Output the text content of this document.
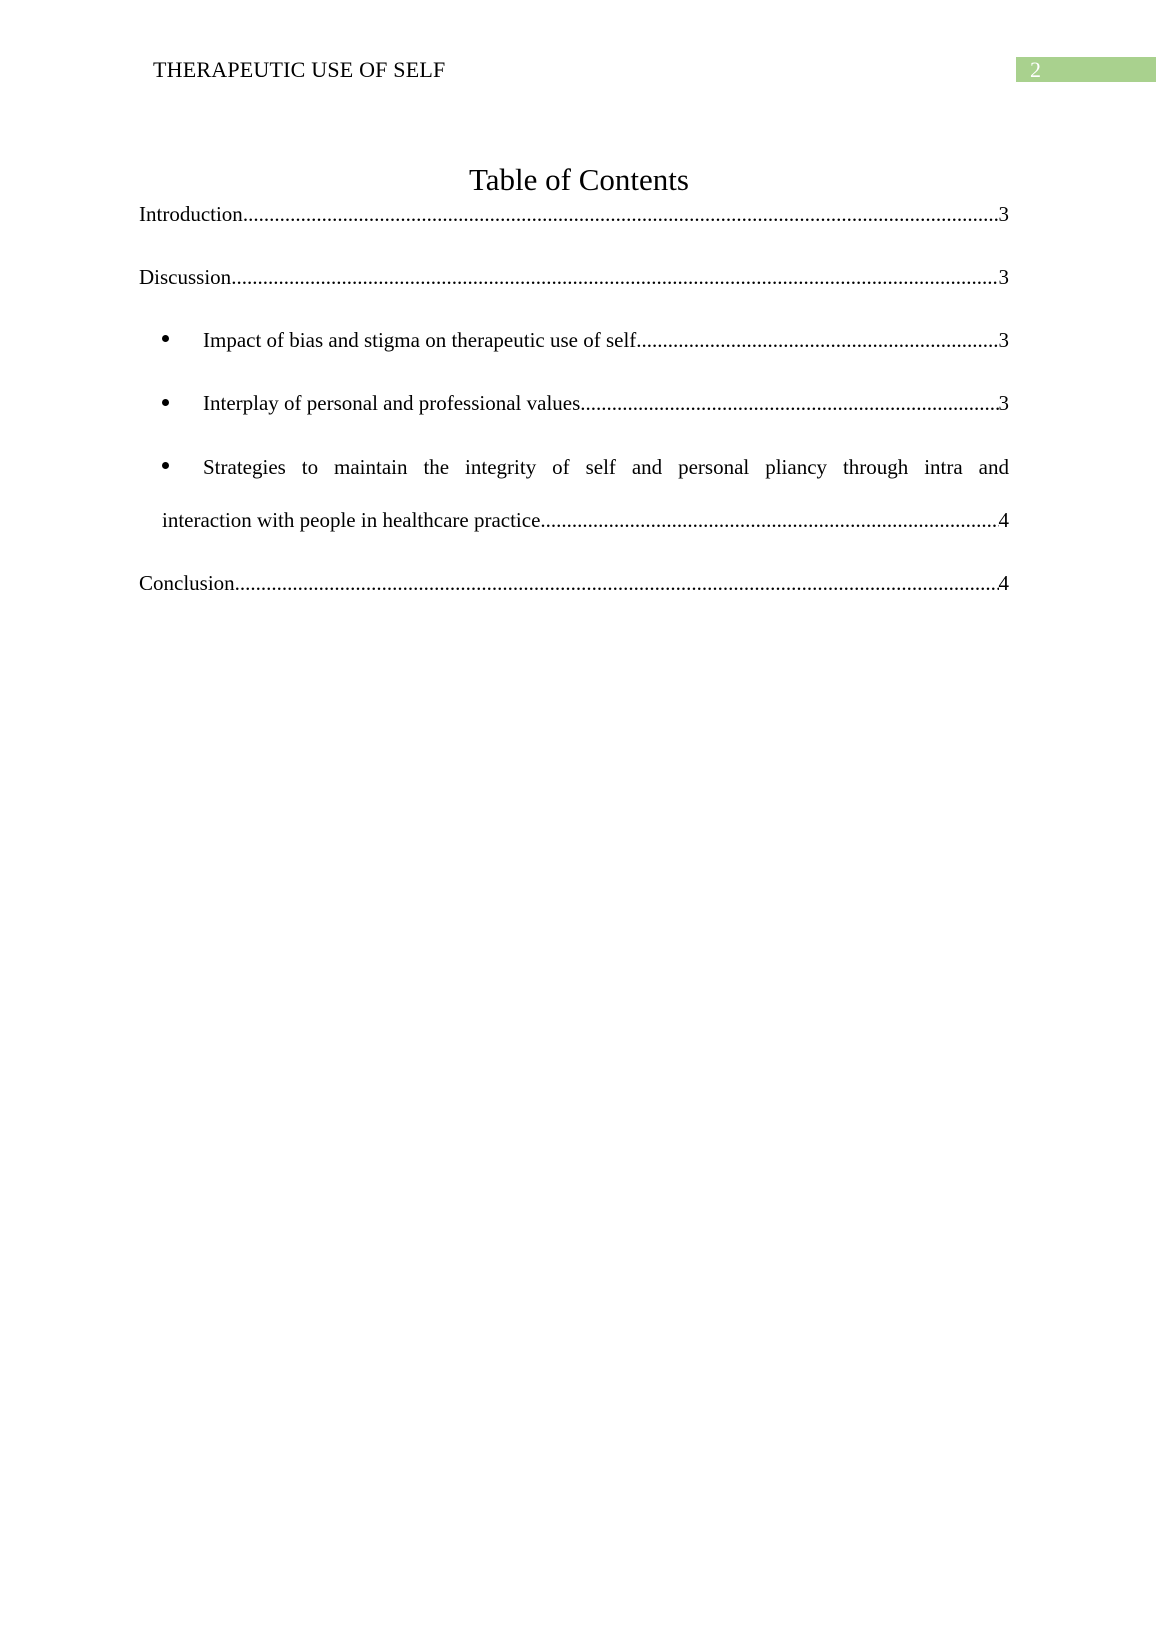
THERAPEUTIC USE OF SELF	2
Table of Contents
Introduction .....	3
Discussion .....	3
Impact of bias and stigma on therapeutic use of self .....	3
Interplay of personal and professional values .....	3
Strategies to maintain the integrity of self and personal pliancy through intra and
interaction with people in healthcare practice .....	4
Conclusion .....	4
